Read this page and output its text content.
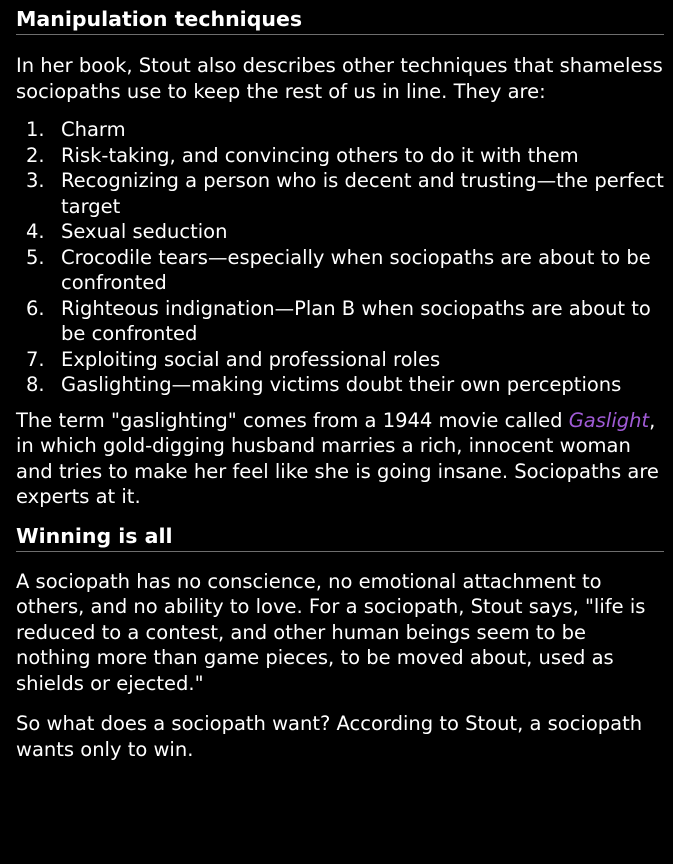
Manipulation techniques

In her book, Stout also describes other techniques that shameless sociopaths use to keep the rest of us in line. They are:

1. Charm
2. Risk-taking, and convincing others to do it with them
3. Recognizing a person who is decent and trusting—the perfect target
4. Sexual seduction
5. Crocodile tears—especially when sociopaths are about to be confronted
6. Righteous indignation—Plan B when sociopaths are about to be confronted
7. Exploiting social and professional roles
8. Gaslighting—making victims doubt their own perceptions

The term "gaslighting" comes from a 1944 movie called Gaslight, in which gold-digging husband marries a rich, innocent woman and tries to make her feel like she is going insane. Sociopaths are experts at it.

Winning is all

A sociopath has no conscience, no emotional attachment to others, and no ability to love. For a sociopath, Stout says, "life is reduced to a contest, and other human beings seem to be nothing more than game pieces, to be moved about, used as shields or ejected."

So what does a sociopath want? According to Stout, a sociopath wants only to win.
